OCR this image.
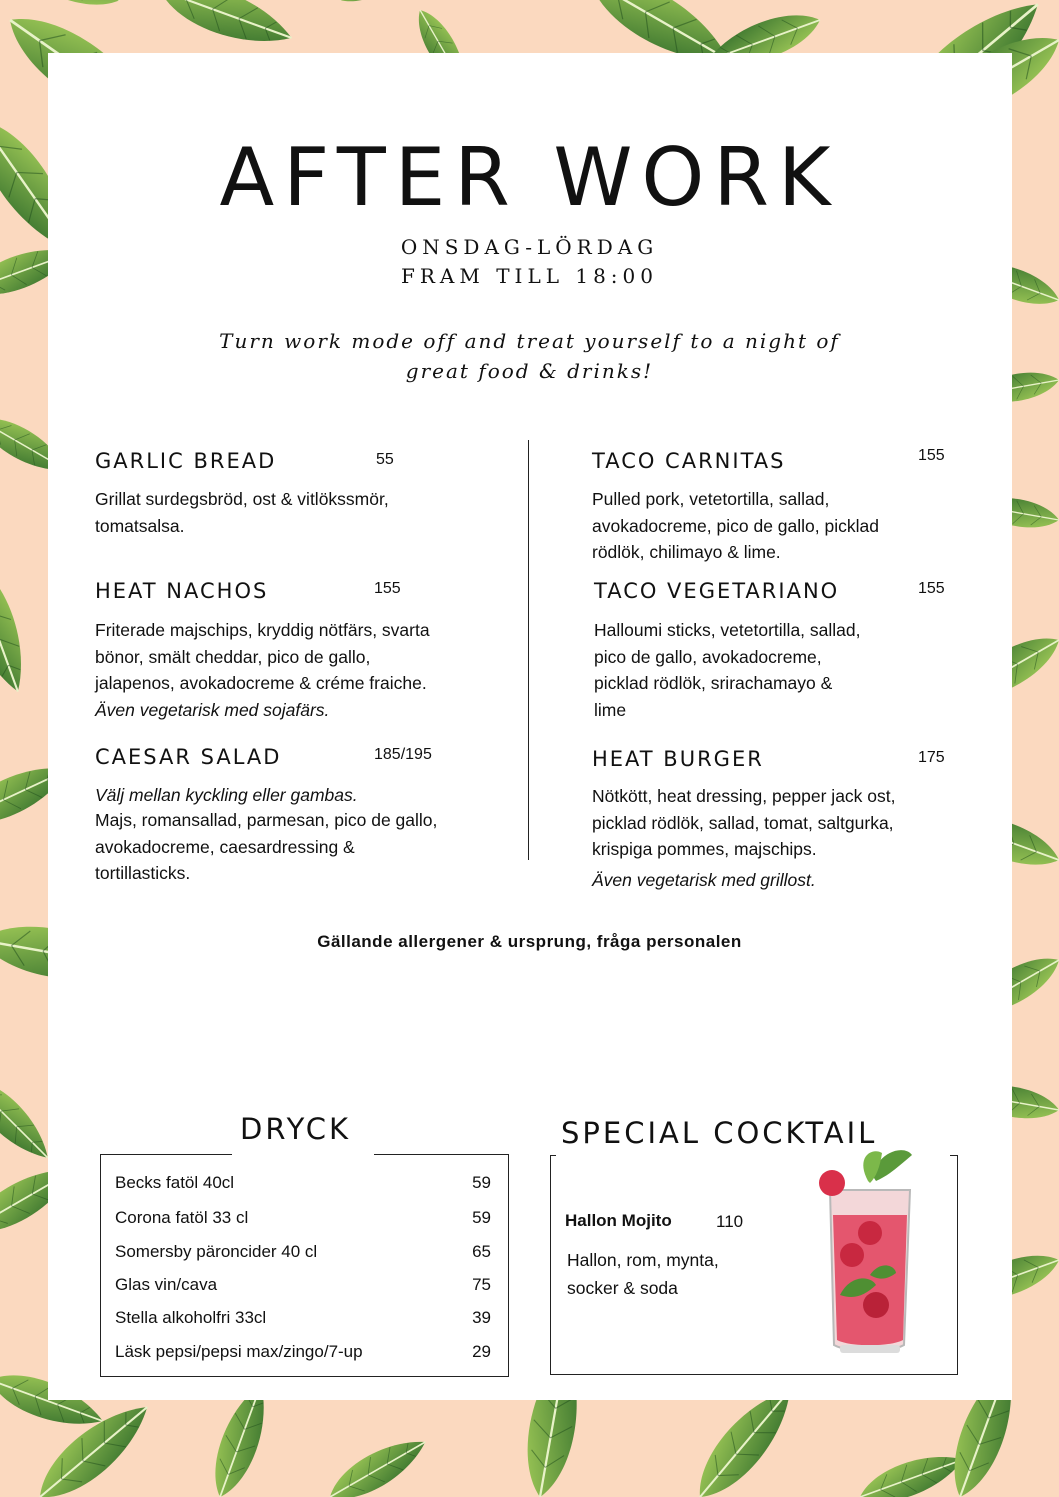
AFTER WORK
ONSDAG-LÖRDAG
FRAM TILL 18:00
Turn work mode off and treat yourself to a night of
great food & drinks!
GARLIC BREAD	55
Grillat surdegsbröd, ost & vitlökssmör,
tomatsalsa.
HEAT NACHOS	155
Friterade majschips, kryddig nötfärs, svarta
bönor, smält cheddar, pico de gallo,
jalapenos, avokadocreme & créme fraiche.
Även vegetarisk med sojafärs.
CAESAR SALAD	185/195
Välj mellan kyckling eller gambas.
Majs, romansallad, parmesan, pico de gallo,
avokadocreme, caesardressing &
tortillasticks.
TACO CARNITAS	155
Pulled pork, vetetortilla, sallad,
avokadocreme, pico de gallo, picklad
rödlök, chilimayo & lime.
TACO VEGETARIANO	155
Halloumi sticks, vetetortilla, sallad,
pico de gallo, avokadocreme,
picklad rödlök, srirachamayo &
lime
HEAT BURGER	175
Nötkött, heat dressing, pepper jack ost,
picklad rödlök, sallad, tomat, saltgurka,
krispiga pommes, majschips.
Även vegetarisk med grillost.
Gällande allergener & ursprung, fråga personalen
DRYCK
Becks fatöl 40cl	59
Corona fatöl 33 cl	59
Somersby päroncider 40 cl	65
Glas vin/cava	75
Stella alkoholfri 33cl	39
Läsk pepsi/pepsi max/zingo/7-up	29
SPECIAL COCKTAIL
Hallon Mojito	110
Hallon, rom, mynta,
socker & soda
